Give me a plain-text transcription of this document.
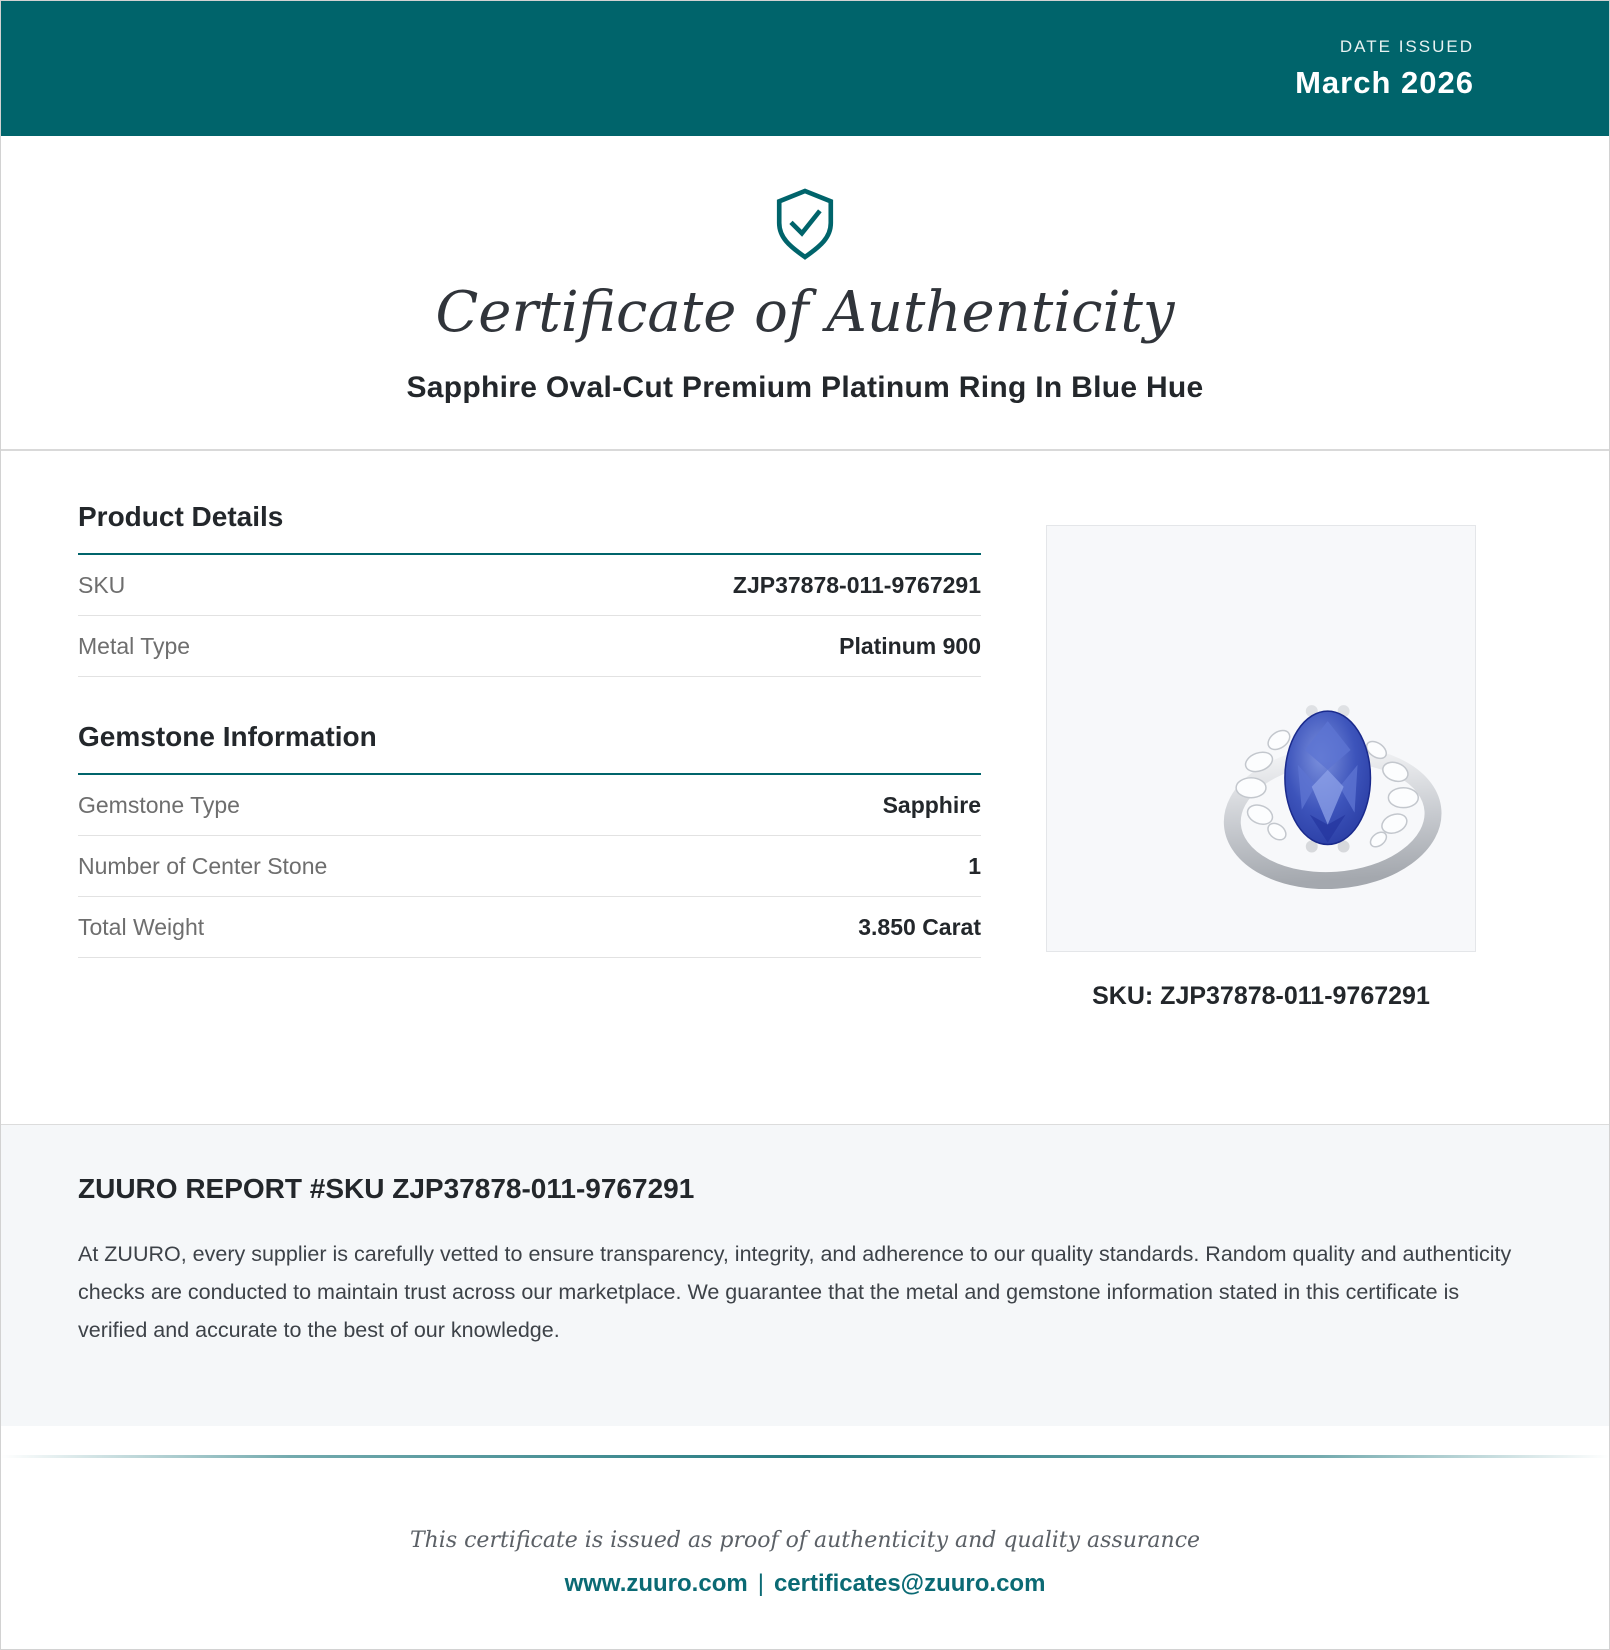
DATE ISSUED
March 2026
Certificate of Authenticity
Sapphire Oval-Cut Premium Platinum Ring In Blue Hue
Product Details
SKU	ZJP37878-011-9767291
Metal Type	Platinum 900
Gemstone Information
Gemstone Type	Sapphire
Number of Center Stone	1
Total Weight	3.850 Carat
SKU: ZJP37878-011-9767291
ZUURO REPORT #SKU ZJP37878-011-9767291
At ZUURO, every supplier is carefully vetted to ensure transparency, integrity, and adherence to our quality standards. Random quality and authenticity checks are conducted to maintain trust across our marketplace. We guarantee that the metal and gemstone information stated in this certificate is verified and accurate to the best of our knowledge.
This certificate is issued as proof of authenticity and quality assurance
www.zuuro.com | certificates@zuuro.com
